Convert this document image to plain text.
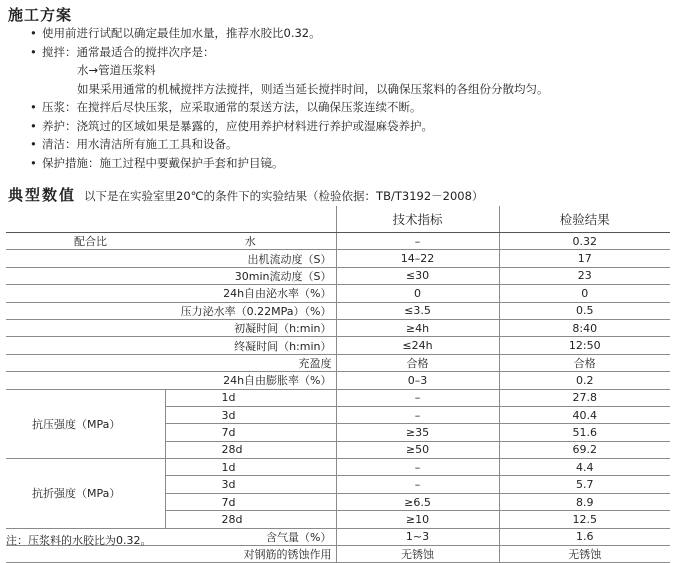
施工方案
• 使用前进行试配以确定最佳加水量，推荐水胶比0.32。
• 搅拌：通常最适合的搅拌次序是：
水→管道压浆料
如果采用通常的机械搅拌方法搅拌，则适当延长搅拌时间，以确保压浆料的各组份分散均匀。
• 压浆：在搅拌后尽快压浆，应采取通常的泵送方法，以确保压浆连续不断。
• 养护：浇筑过的区域如果是暴露的，应使用养护材料进行养护或湿麻袋养护。
• 清洁：用水清洁所有施工工具和设备。
• 保护措施：施工过程中要戴保护手套和护目镜。
典型数值 以下是在实验室里20℃的条件下的实验结果（检验依据：TB/T3192－2008）
		技术指标	检验结果
配合比	水	–	0.32
出机流动度（S）		14–22	17
30min流动度（S）		≤30	23
24h自由泌水率（%）		0	0
压力泌水率（0.22MPa）（%）		≤3.5	0.5
初凝时间（h:min）		≥4h	8:40
终凝时间（h:min）		≤24h	12:50
充盈度		合格	合格
24h自由膨胀率（%）		0–3	0.2
抗压强度（MPa）	1d	–	27.8
	3d	–	40.4
	7d	≥35	51.6
	28d	≥50	69.2
抗折强度（MPa）	1d	–	4.4
	3d	–	5.7
	7d	≥6.5	8.9
	28d	≥10	12.5
含气量（%）		1~3	1.6
对钢筋的锈蚀作用		无锈蚀	无锈蚀
注：压浆料的水胶比为0.32。
